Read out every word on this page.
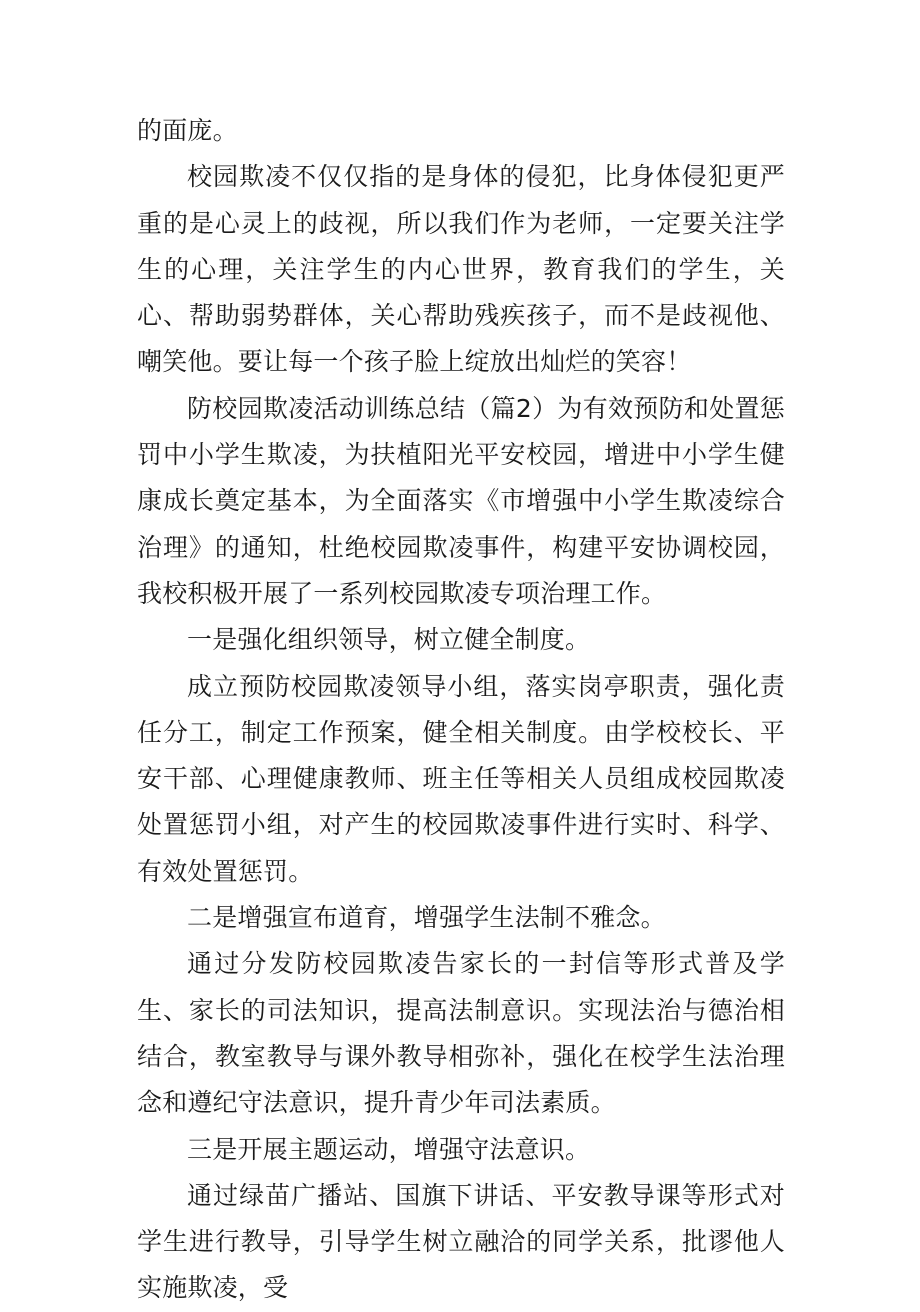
的面庞。

校园欺凌不仅仅指的是身体的侵犯，比身体侵犯更严重的是心灵上的歧视，所以我们作为老师，一定要关注学生的心理，关注学生的内心世界，教育我们的学生，关心、帮助弱势群体，关心帮助残疾孩子，而不是歧视他、嘲笑他。要让每一个孩子脸上绽放出灿烂的笑容！

防校园欺凌活动训练总结（篇2）为有效预防和处置惩罚中小学生欺凌，为扶植阳光平安校园，增进中小学生健康成长奠定基本，为全面落实《市增强中小学生欺凌综合治理》的通知，杜绝校园欺凌事件，构建平安协调校园，我校积极开展了一系列校园欺凌专项治理工作。

一是强化组织领导，树立健全制度。

成立预防校园欺凌领导小组，落实岗亭职责，强化责任分工，制定工作预案，健全相关制度。由学校校长、平安干部、心理健康教师、班主任等相关人员组成校园欺凌处置惩罚小组，对产生的校园欺凌事件进行实时、科学、有效处置惩罚。

二是增强宣布道育，增强学生法制不雅念。

通过分发防校园欺凌告家长的一封信等形式普及学生、家长的司法知识，提高法制意识。实现法治与德治相结合，教室教导与课外教导相弥补，强化在校学生法治理念和遵纪守法意识，提升青少年司法素质。

三是开展主题运动，增强守法意识。

通过绿苗广播站、国旗下讲话、平安教导课等形式对学生进行教导，引导学生树立融洽的同学关系，批谬他人实施欺凌，受
